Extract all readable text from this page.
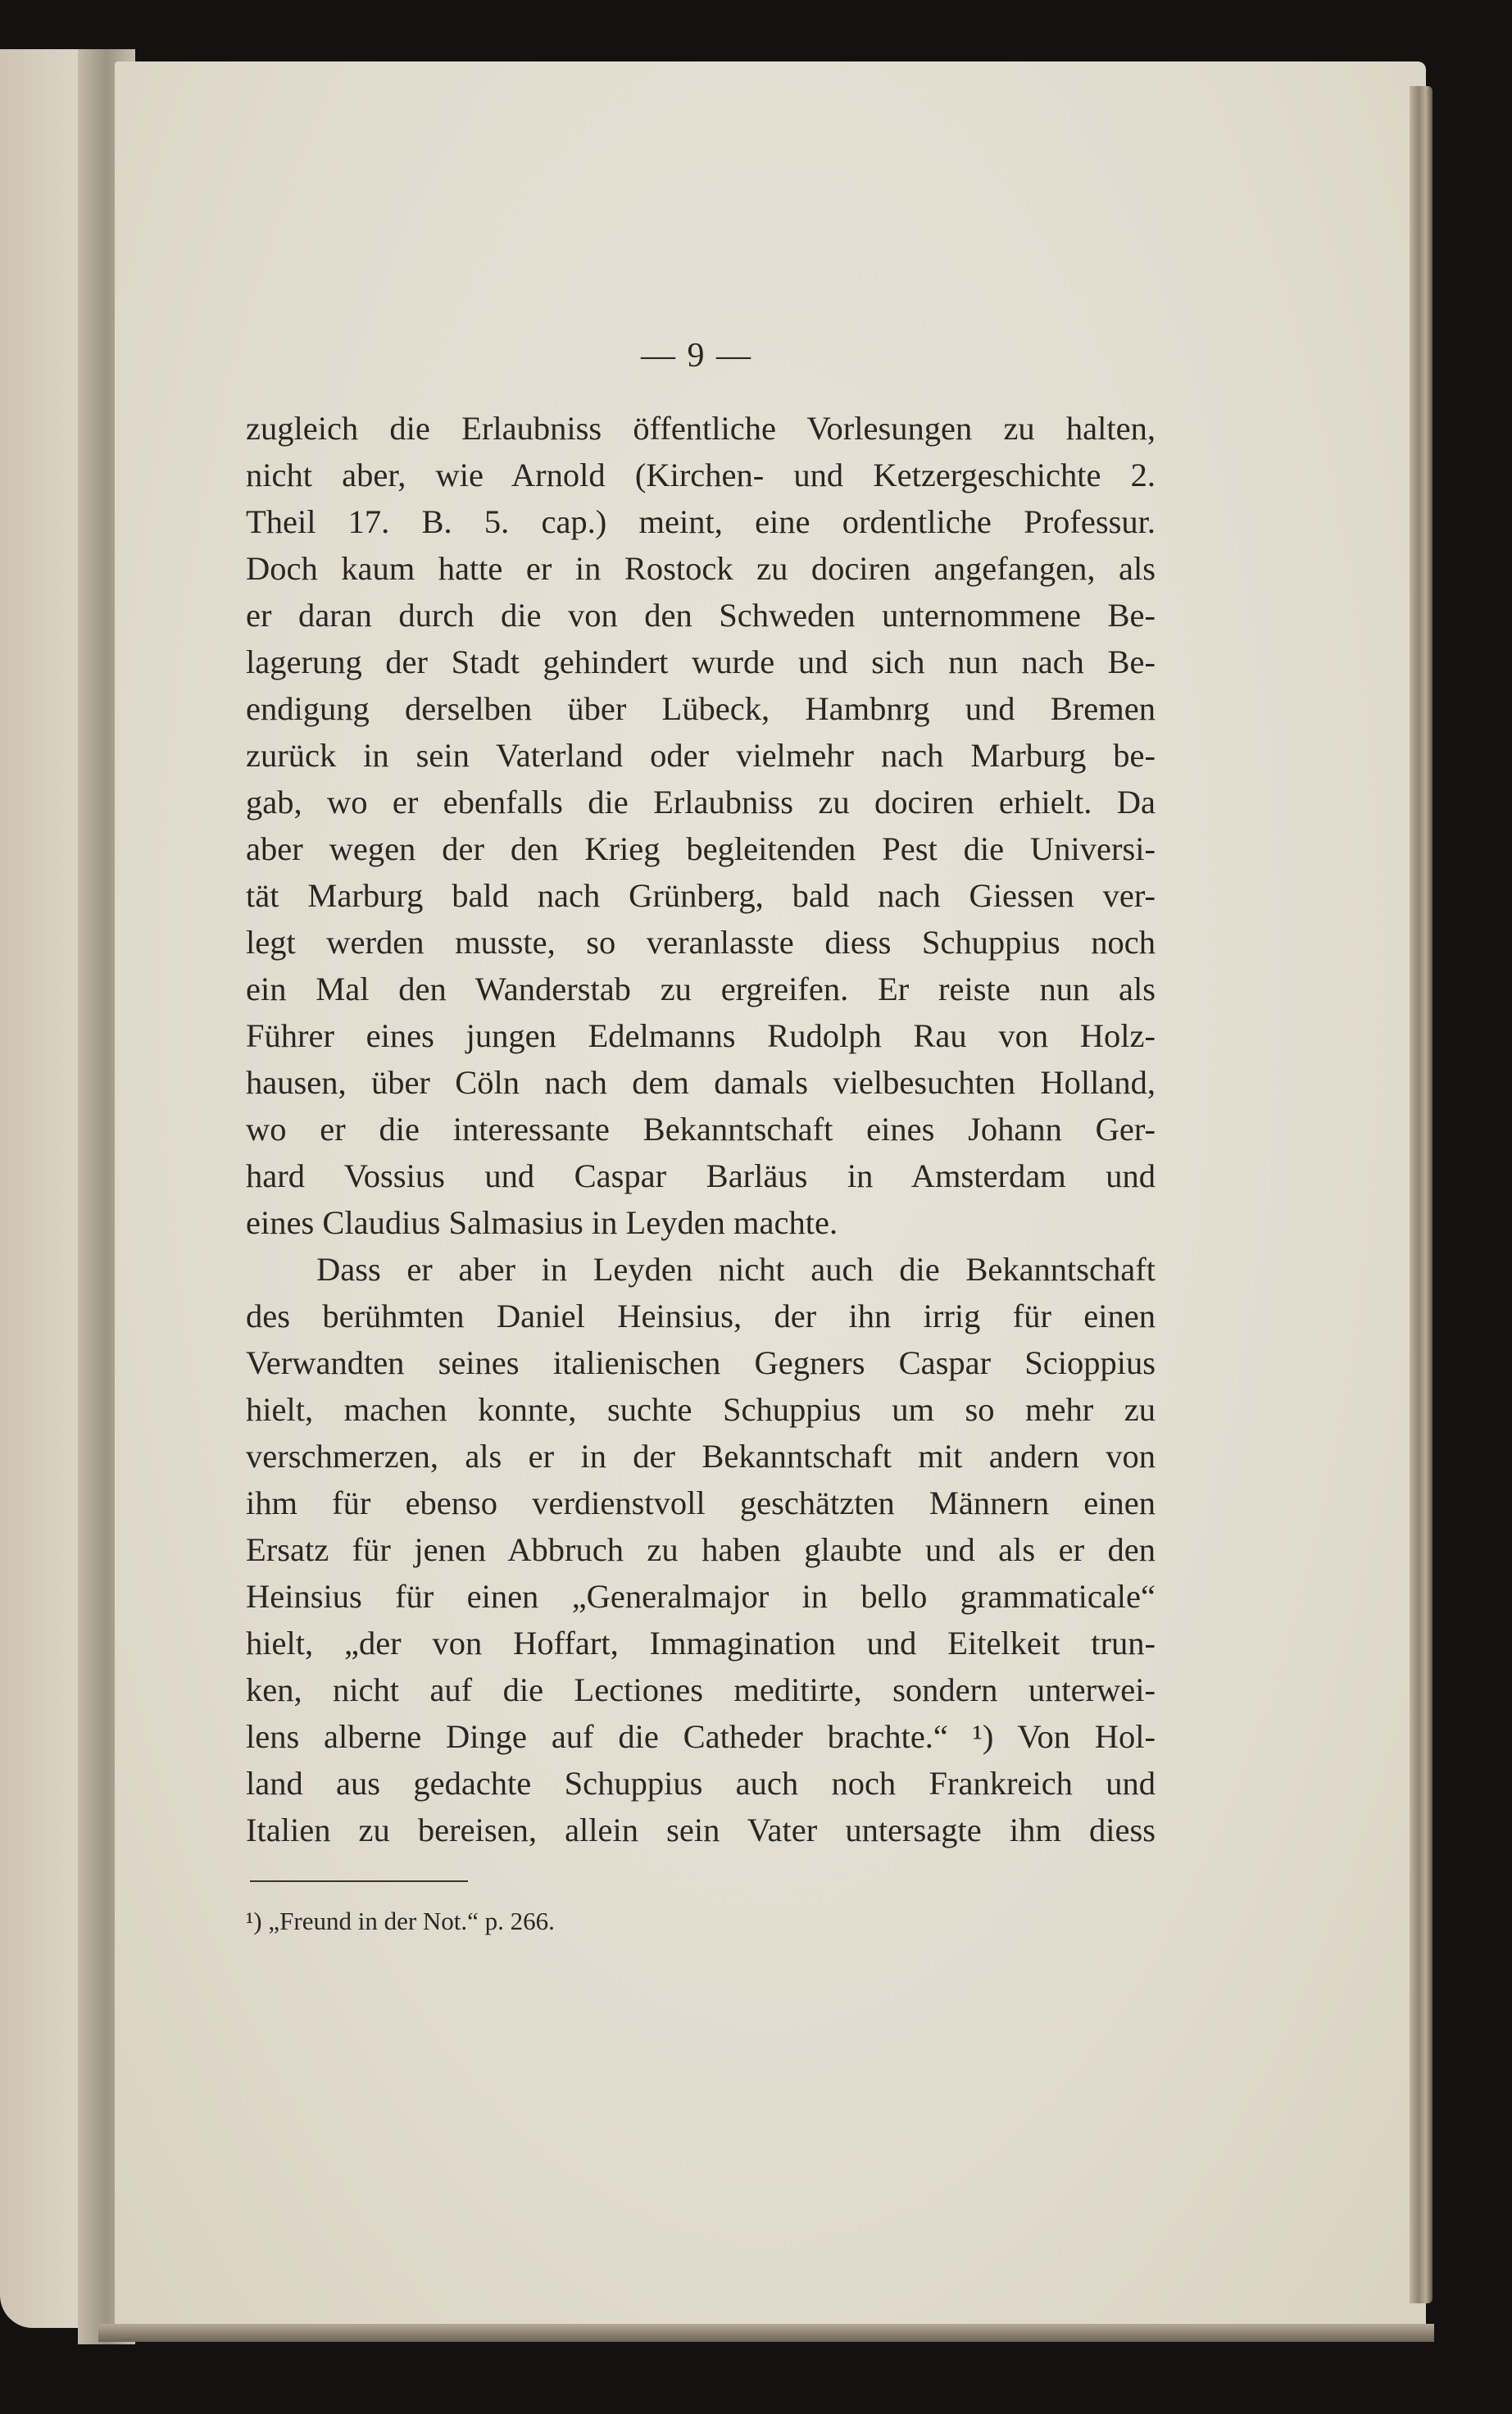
— 9 —
zugleich die Erlaubniss öffentliche Vorlesungen zu halten,
nicht aber, wie Arnold (Kirchen- und Ketzergeschichte 2.
Theil 17. B. 5. cap.) meint, eine ordentliche Professur.
Doch kaum hatte er in Rostock zu dociren angefangen, als
er daran durch die von den Schweden unternommene Be-
lagerung der Stadt gehindert wurde und sich nun nach Be-
endigung derselben über Lübeck, Hambnrg und Bremen
zurück in sein Vaterland oder vielmehr nach Marburg be-
gab, wo er ebenfalls die Erlaubniss zu dociren erhielt. Da
aber wegen der den Krieg begleitenden Pest die Universi-
tät Marburg bald nach Grünberg, bald nach Giessen ver-
legt werden musste, so veranlasste diess Schuppius noch
ein Mal den Wanderstab zu ergreifen. Er reiste nun als
Führer eines jungen Edelmanns Rudolph Rau von Holz-
hausen, über Cöln nach dem damals vielbesuchten Holland,
wo er die interessante Bekanntschaft eines Johann Ger-
hard Vossius und Caspar Barläus in Amsterdam und
eines Claudius Salmasius in Leyden machte.
Dass er aber in Leyden nicht auch die Bekanntschaft
des berühmten Daniel Heinsius, der ihn irrig für einen
Verwandten seines italienischen Gegners Caspar Scioppius
hielt, machen konnte, suchte Schuppius um so mehr zu
verschmerzen, als er in der Bekanntschaft mit andern von
ihm für ebenso verdienstvoll geschätzten Männern einen
Ersatz für jenen Abbruch zu haben glaubte und als er den
Heinsius für einen „Generalmajor in bello grammaticale“
hielt, „der von Hoffart, Immagination und Eitelkeit trun-
ken, nicht auf die Lectiones meditirte, sondern unterwei-
lens alberne Dinge auf die Catheder brachte.“ ¹) Von Hol-
land aus gedachte Schuppius auch noch Frankreich und
Italien zu bereisen, allein sein Vater untersagte ihm diess
¹) „Freund in der Not.“ p. 266.
